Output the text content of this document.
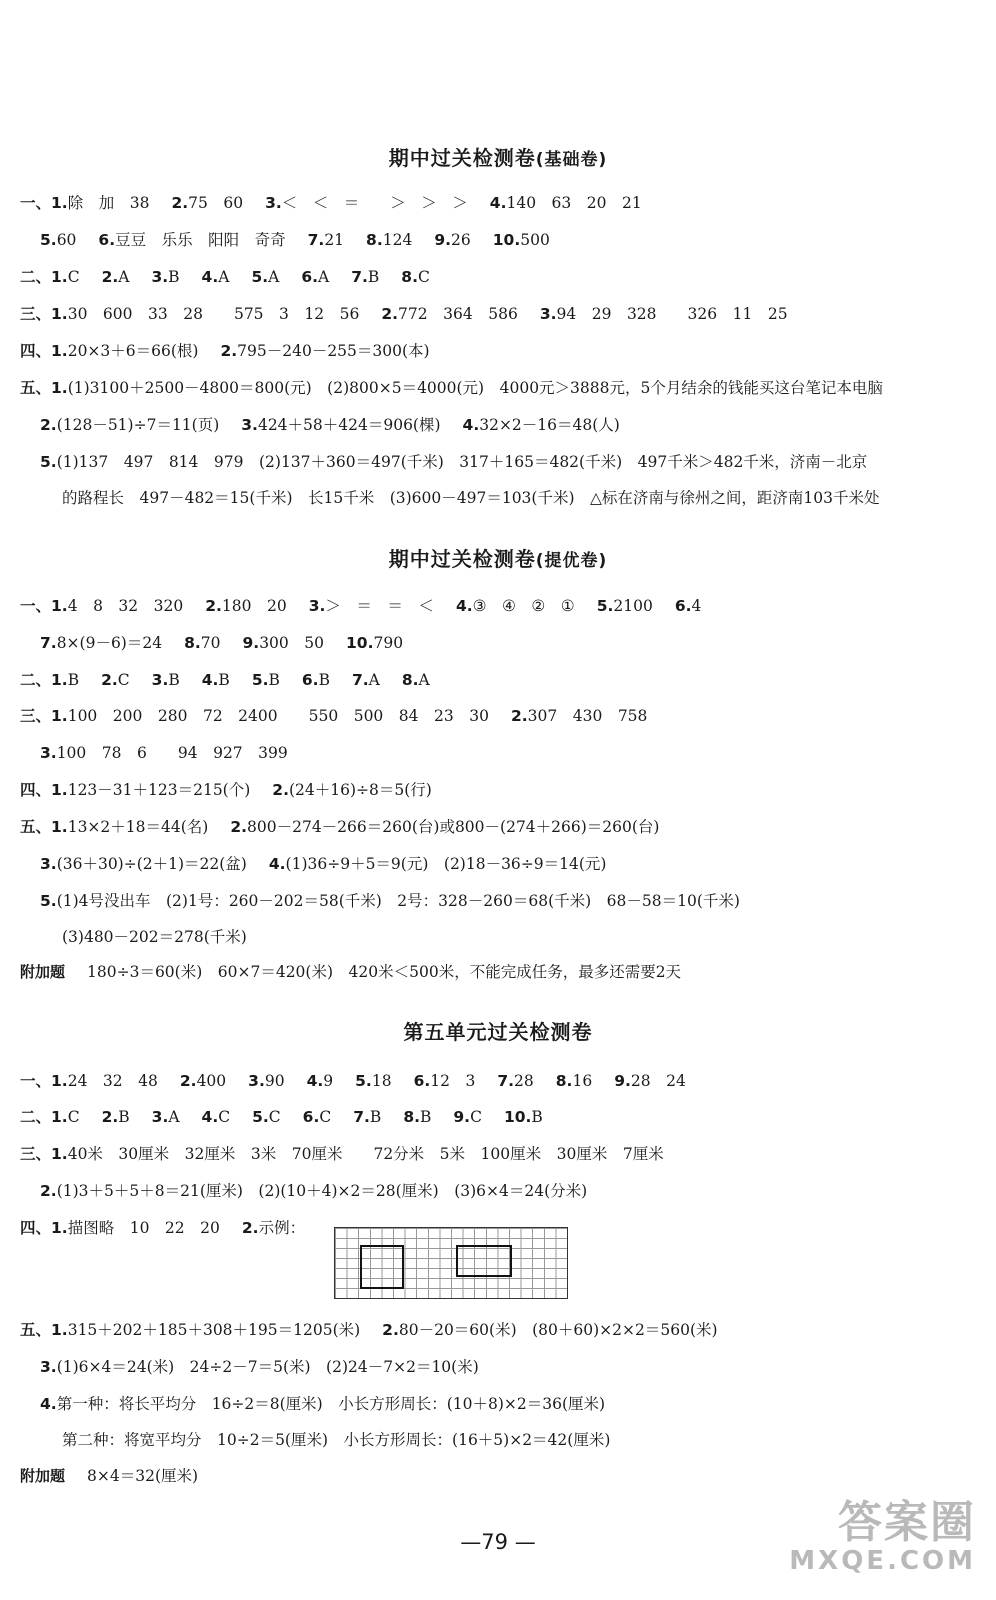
期中过关检测卷(基础卷)
一、1.除　加　38 2.75　60 3.＜　＜　＝　　＞　＞　＞ 4.140　63　20　21
5.60 6.豆豆　乐乐　阳阳　奇奇 7.21 8.124 9.26 10.500
二、1.C 2.A 3.B 4.A 5.A 6.A 7.B 8.C
三、1.30　600　33　28　　575　3　12　56 2.772　364　586 3.94　29　328　　326　11　25
四、1.20×3＋6＝66(根) 2.795－240－255＝300(本)
五、1.(1)3100＋2500－4800＝800(元)　(2)800×5＝4000(元)　4000元＞3888元，5个月结余的钱能买这台笔记本电脑
2.(128－51)÷7＝11(页) 3.424＋58＋424＝906(棵) 4.32×2－16＝48(人)
5.(1)137　497　814　979　(2)137＋360＝497(千米)　317＋165＝482(千米)　497千米＞482千米，济南－北京
的路程长　497－482＝15(千米)　长15千米　(3)600－497＝103(千米)　△标在济南与徐州之间，距济南103千米处
期中过关检测卷(提优卷)
一、1.4　8　32　320 2.180　20 3.＞　＝　＝　＜ 4.③　④　②　① 5.2100 6.4
7.8×(9－6)＝24 8.70 9.300　50 10.790
二、1.B 2.C 3.B 4.B 5.B 6.B 7.A 8.A
三、1.100　200　280　72　2400　　550　500　84　23　30 2.307　430　758
3.100　78　6　　94　927　399
四、1.123－31＋123＝215(个) 2.(24＋16)÷8＝5(行)
五、1.13×2＋18＝44(名) 2.800－274－266＝260(台)或800－(274＋266)＝260(台)
3.(36＋30)÷(2＋1)＝22(盆) 4.(1)36÷9＋5＝9(元)　(2)18－36÷9＝14(元)
5.(1)4号没出车　(2)1号：260－202＝58(千米)　2号：328－260＝68(千米)　68－58＝10(千米)
(3)480－202＝278(千米)
附加题 180÷3＝60(米)　60×7＝420(米)　420米＜500米，不能完成任务，最多还需要2天
第五单元过关检测卷
一、1.24　32　48 2.400 3.90 4.9 5.18 6.12　3 7.28 8.16 9.28　24
二、1.C 2.B 3.A 4.C 5.C 6.C 7.B 8.B 9.C 10.B
三、1.40米　30厘米　32厘米　3米　70厘米　　72分米　5米　100厘米　30厘米　7厘米
2.(1)3＋5＋5＋8＝21(厘米)　(2)(10＋4)×2＝28(厘米)　(3)6×4＝24(分米)
四、1.描图略　10　22　20 2.示例：
五、1.315＋202＋185＋308＋195＝1205(米) 2.80－20＝60(米)　(80＋60)×2×2＝560(米)
3.(1)6×4＝24(米)　24÷2－7＝5(米)　(2)24－7×2＝10(米)
4.第一种：将长平均分　16÷2＝8(厘米)　小长方形周长：(10＋8)×2＝36(厘米)
第二种：将宽平均分　10÷2＝5(厘米)　小长方形周长：(16＋5)×2＝42(厘米)
附加题 8×4＝32(厘米)
—79 —	答案圈
MXQE.COM
